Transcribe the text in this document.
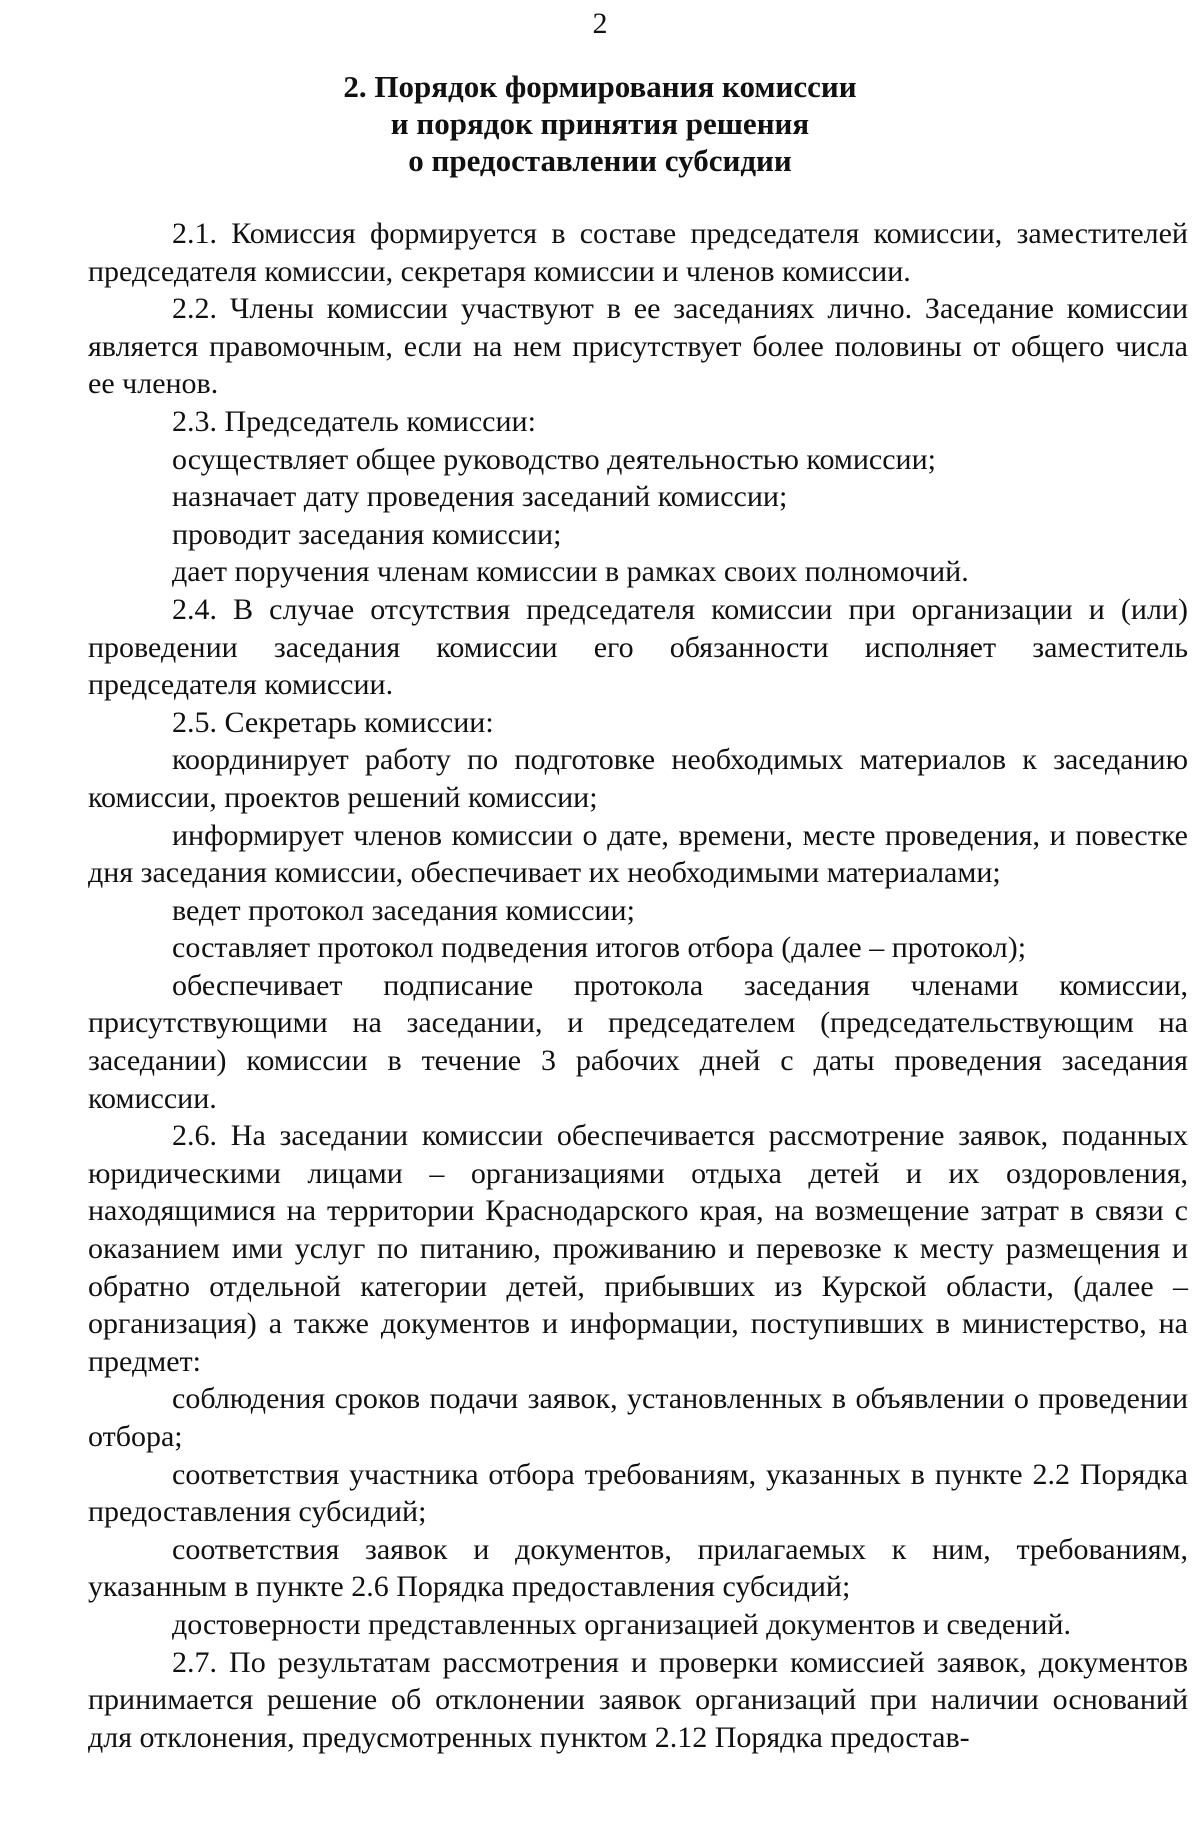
2
2. Порядок формирования комиссии
и порядок принятия решения
о предоставлении субсидии

2.1. Комиссия формируется в составе председателя комиссии, заместителей председателя комиссии, секретаря комиссии и членов комиссии.

2.2. Члены комиссии участвуют в ее заседаниях лично. Заседание комиссии является правомочным, если на нем присутствует более половины от общего числа ее членов.

2.3. Председатель комиссии:

осуществляет общее руководство деятельностью комиссии;

назначает дату проведения заседаний комиссии;

проводит заседания комиссии;

дает поручения членам комиссии в рамках своих полномочий.

2.4. В случае отсутствия председателя комиссии при организации и (или) проведении заседания комиссии его обязанности исполняет заместитель председателя комиссии.

2.5. Секретарь комиссии:

координирует работу по подготовке необходимых материалов к заседанию комиссии, проектов решений комиссии;

информирует членов комиссии о дате, времени, месте проведения, и повестке дня заседания комиссии, обеспечивает их необходимыми материалами;

ведет протокол заседания комиссии;

составляет протокол подведения итогов отбора (далее – протокол);

обеспечивает подписание протокола заседания членами комиссии, присутствующими на заседании, и председателем (председательствующим на заседании) комиссии в течение 3 рабочих дней с даты проведения заседания комиссии.

2.6. На заседании комиссии обеспечивается рассмотрение заявок, поданных юридическими лицами – организациями отдыха детей и их оздоровления, находящимися на территории Краснодарского края, на возмещение затрат в связи с оказанием ими услуг по питанию, проживанию и перевозке к месту размещения и обратно отдельной категории детей, прибывших из Курской области, (далее – организация) а также документов и информации, поступивших в министерство, на предмет:

соблюдения сроков подачи заявок, установленных в объявлении о проведении отбора;

соответствия участника отбора требованиям, указанных в пункте 2.2 Порядка предоставления субсидий;

соответствия заявок и документов, прилагаемых к ним, требованиям, указанным в пункте 2.6 Порядка предоставления субсидий;

достоверности представленных организацией документов и сведений.

2.7. По результатам рассмотрения и проверки комиссией заявок, документов принимается решение об отклонении заявок организаций при наличии оснований для отклонения, предусмотренных пунктом 2.12 Порядка предостав-
